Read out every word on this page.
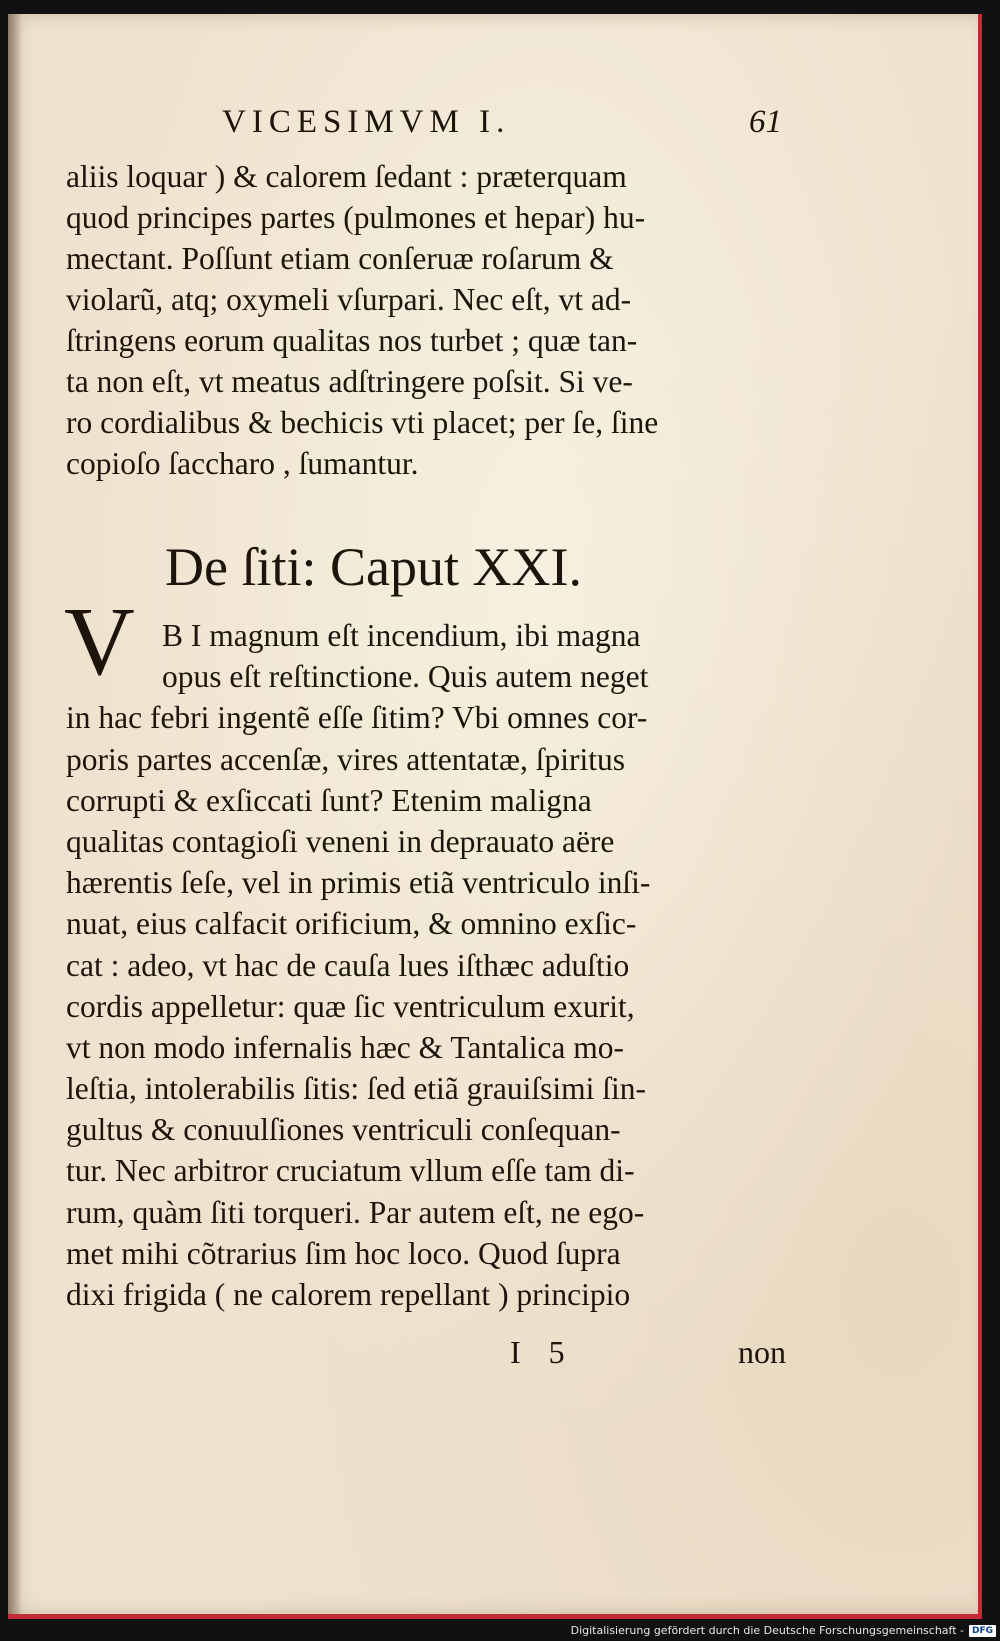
VICESIMVM I.	61
aliis loquar ) & calorem ſedant : præterquam
quod principes partes (pulmones et hepar) hu-
mectant. Poſſunt etiam conſeruæ roſarum &
violarũ, atq; oxymeli vſurpari. Nec eſt, vt ad-
ſtringens eorum qualitas nos turbet ; quæ tan-
ta non eſt, vt meatus adſtringere poſsit. Si ve-
ro cordialibus & bechicis vti placet; per ſe, ſine
copioſo ſaccharo , ſumantur.
De ſiti: Caput XXI.
V B I magnum eſt incendium, ibi magna
opus eſt reſtinctione. Quis autem neget
in hac febri ingentẽ eſſe ſitim? Vbi omnes cor-
poris partes accenſæ, vires attentatæ, ſpiritus
corrupti & exſiccati ſunt? Etenim maligna
qualitas contagioſi veneni in deprauato aëre
hærentis ſeſe, vel in primis etiã ventriculo inſi-
nuat, eius calfacit orificium, & omnino exſic-
cat : adeo, vt hac de cauſa lues iſthæc aduſtio
cordis appelletur: quæ ſic ventriculum exurit,
vt non modo infernalis hæc & Tantalica mo-
leſtia, intolerabilis ſitis: ſed etiã grauiſsimi ſin-
gultus & conuulſiones ventriculi conſequan-
tur. Nec arbitror cruciatum vllum eſſe tam di-
rum, quàm ſiti torqueri. Par autem eſt, ne ego-
met mihi cõtrarius ſim hoc loco. Quod ſupra
dixi frigida ( ne calorem repellant ) principio
I 5	non
Digitalisierung gefördert durch die Deutsche Forschungsgemeinschaft - DFG
